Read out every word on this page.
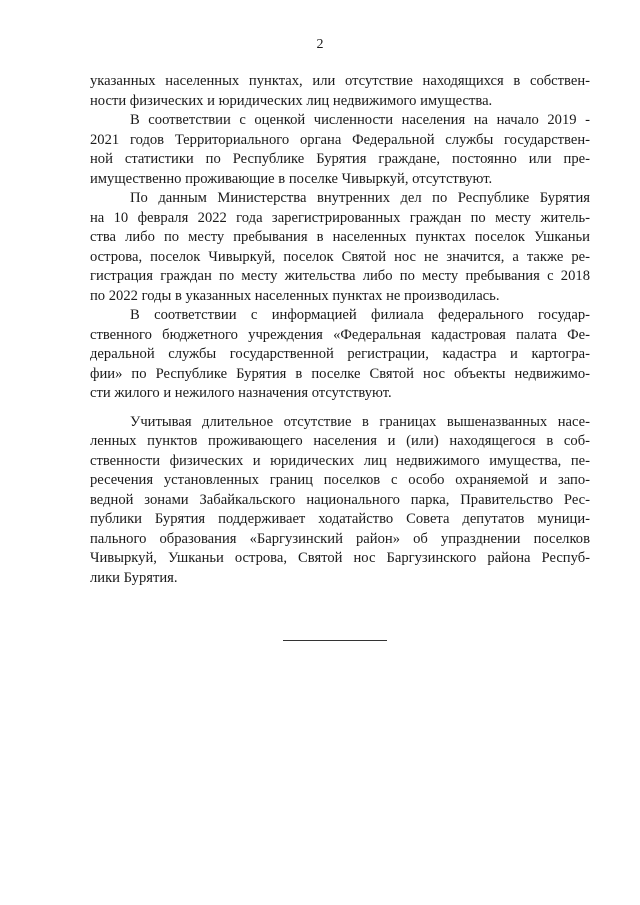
2
указанных населенных пунктах, или отсутствие находящихся в собствен-
ности физических и юридических лиц недвижимого имущества.
В соответствии с оценкой численности населения на начало 2019 -
2021 годов Территориального органа Федеральной службы государствен-
ной статистики по Республике Бурятия граждане, постоянно или пре-
имущественно проживающие в поселке Чивыркуй, отсутствуют.
По данным Министерства внутренних дел по Республике Бурятия
на 10 февраля 2022 года зарегистрированных граждан по месту житель-
ства либо по месту пребывания в населенных пунктах поселок Ушканьи
острова, поселок Чивыркуй, поселок Святой нос не значится, а также ре-
гистрация граждан по месту жительства либо по месту пребывания с 2018
по 2022 годы в указанных населенных пунктах не производилась.
В соответствии с информацией филиала федерального государ-
ственного бюджетного учреждения «Федеральная кадастровая палата Фе-
деральной службы государственной регистрации, кадастра и картогра-
фии» по Республике Бурятия в поселке Святой нос объекты недвижимо-
сти жилого и нежилого назначения отсутствуют.
Учитывая длительное отсутствие в границах вышеназванных насе-
ленных пунктов проживающего населения и (или) находящегося в соб-
ственности физических и юридических лиц недвижимого имущества, пе-
ресечения установленных границ поселков с особо охраняемой и запо-
ведной зонами Забайкальского национального парка, Правительство Рес-
публики Бурятия поддерживает ходатайство Совета депутатов муници-
пального образования «Баргузинский район» об упразднении поселков
Чивыркуй, Ушканьи острова, Святой нос Баргузинского района Респуб-
лики Бурятия.
